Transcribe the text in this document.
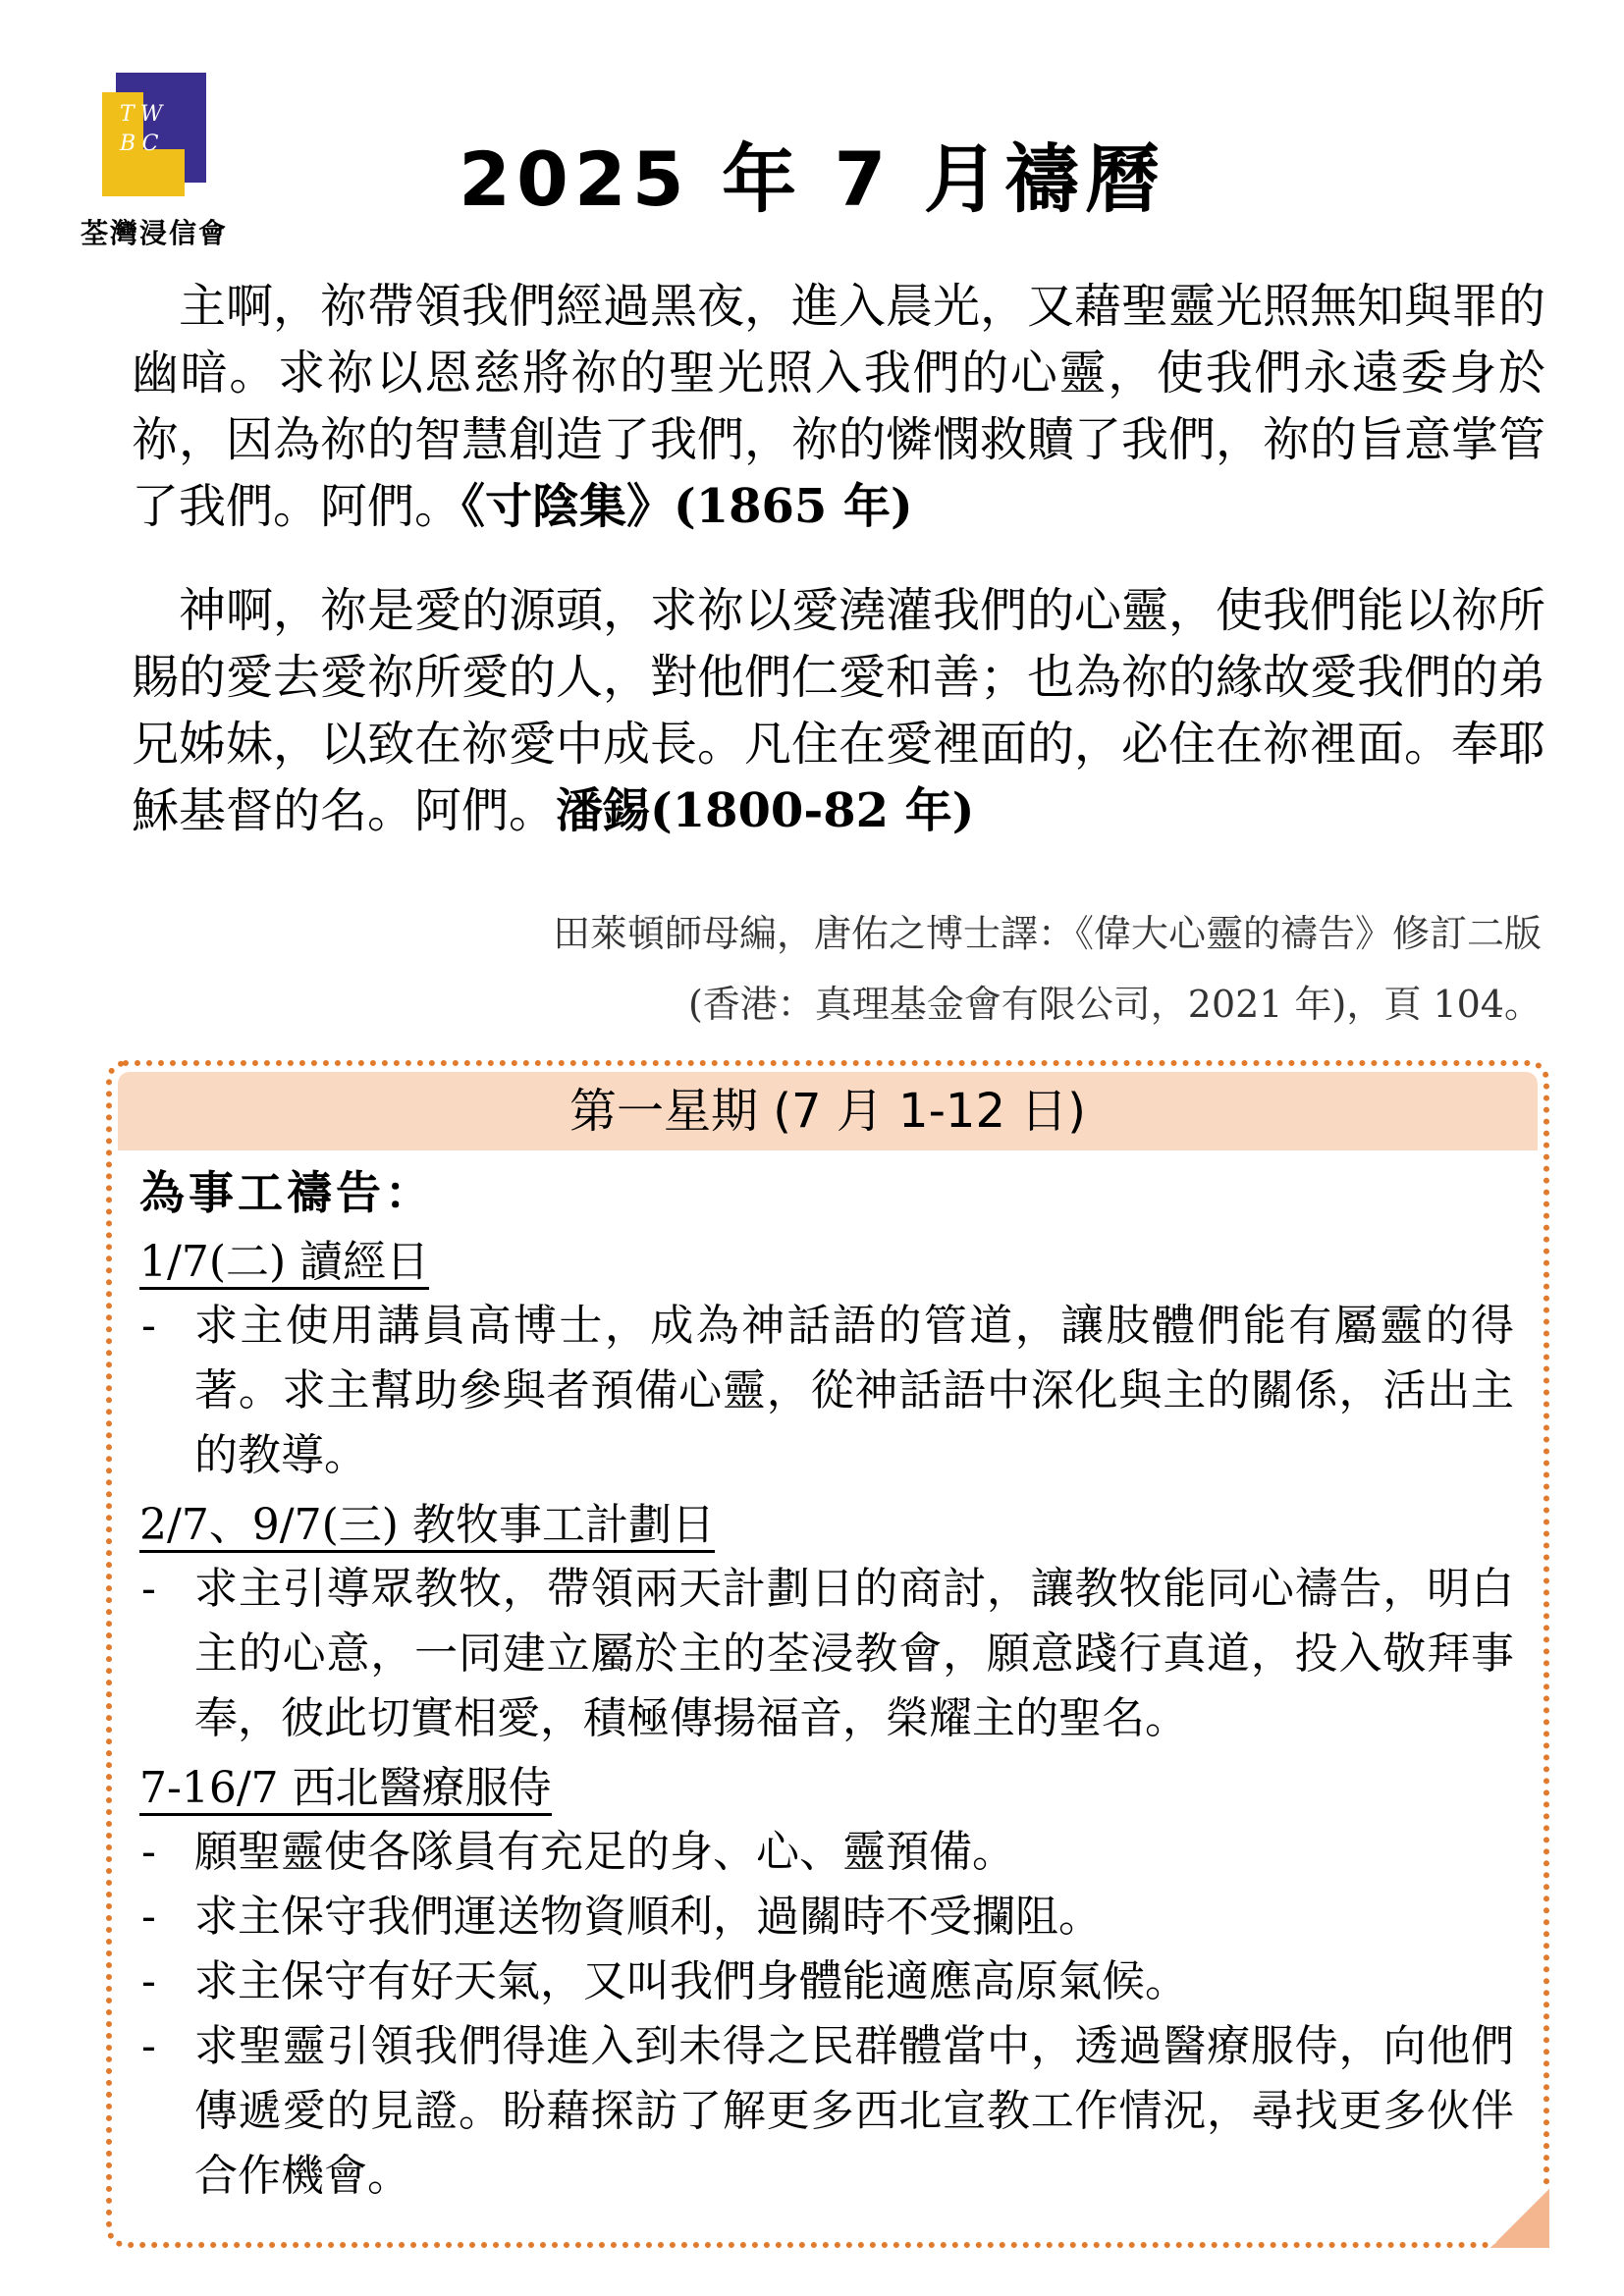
TW
BC
荃灣浸信會
2025 年 7 月禱曆

主啊，祢帶領我們經過黑夜，進入晨光，又藉聖靈光照無知與罪的幽暗。求祢以恩慈將祢的聖光照入我們的心靈，使我們永遠委身於祢，因為祢的智慧創造了我們，祢的憐憫救贖了我們，祢的旨意掌管了我們。阿們。《寸陰集》(1865 年)

神啊，祢是愛的源頭，求祢以愛澆灌我們的心靈，使我們能以祢所賜的愛去愛祢所愛的人，對他們仁愛和善；也為祢的緣故愛我們的弟兄姊妹，以致在祢愛中成長。凡住在愛裡面的，必住在祢裡面。奉耶穌基督的名。阿們。潘錫(1800-82 年)

田萊頓師母編，唐佑之博士譯：《偉大心靈的禱告》修訂二版
(香港：真理基金會有限公司，2021 年)，頁 104。
第一星期 (7 月 1-12 日)
為事工禱告：
1/7(二) 讀經日
- 求主使用講員高博士，成為神話語的管道，讓肢體們能有屬靈的得著。求主幫助參與者預備心靈，從神話語中深化與主的關係，活出主的教導。
2/7、9/7(三) 教牧事工計劃日
- 求主引導眾教牧，帶領兩天計劃日的商討，讓教牧能同心禱告，明白主的心意，一同建立屬於主的荃浸教會，願意踐行真道，投入敬拜事奉，彼此切實相愛，積極傳揚福音，榮耀主的聖名。
7-16/7 西北醫療服侍
- 願聖靈使各隊員有充足的身、心、靈預備。
- 求主保守我們運送物資順利，過關時不受攔阻。
- 求主保守有好天氣，又叫我們身體能適應高原氣候。
- 求聖靈引領我們得進入到未得之民群體當中，透過醫療服侍，向他們傳遞愛的見證。盼藉探訪了解更多西北宣教工作情況，尋找更多伙伴合作機會。
